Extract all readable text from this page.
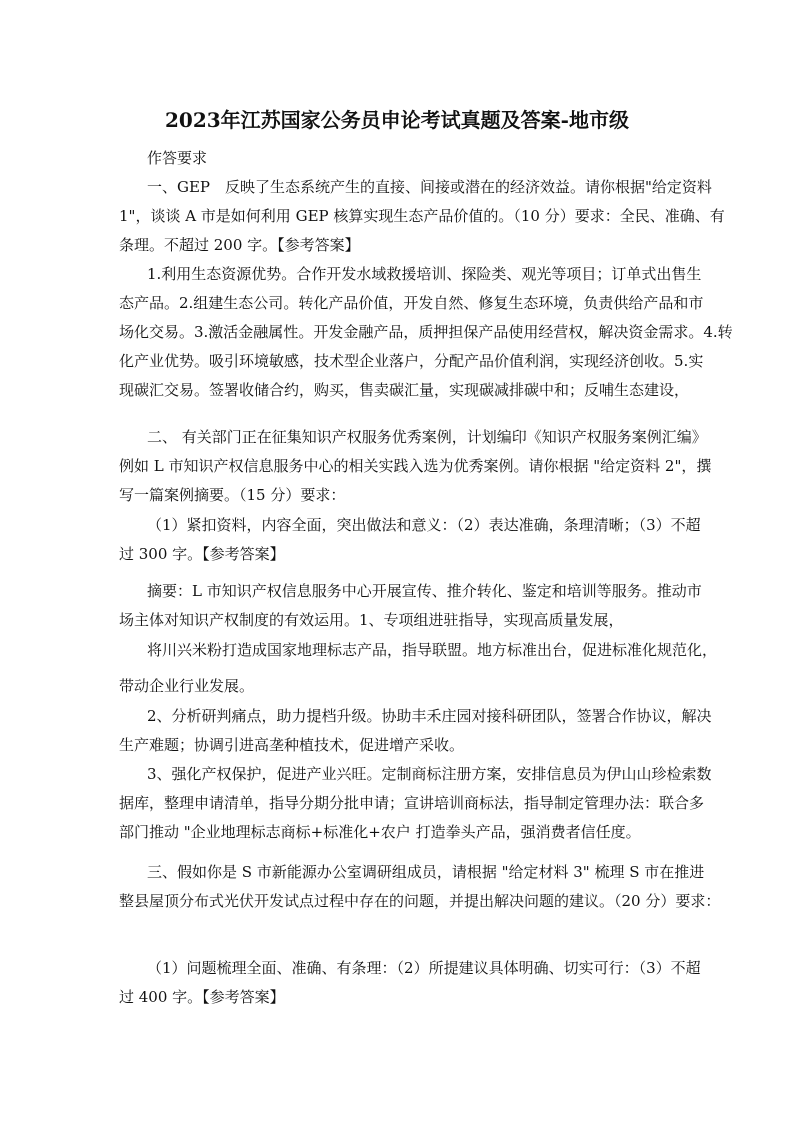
2023年江苏国家公务员申论考试真题及答案-地市级
作答要求
一、GEP　反映了生态系统产生的直接、间接或潜在的经济效益。请你根据"给定资料
1"，谈谈 A 市是如何利用 GEP 核算实现生态产品价值的。（10 分）要求：全民、准确、有
条理。不超过 200 字。【参考答案】
1.利用生态资源优势。合作开发水域救援培训、探险类、观光等项目；订单式出售生
态产品。2.组建生态公司。转化产品价值，开发自然、修复生态环境，负责供给产品和市
场化交易。3.激活金融属性。开发金融产品，质押担保产品使用经营权，解决资金需求。4.转
化产业优势。吸引环境敏感，技术型企业落户，分配产品价值利润，实现经济创收。5.实
现碳汇交易。签署收储合约，购买，售卖碳汇量，实现碳减排碳中和；反哺生态建设，
二、 有关部门正在征集知识产权服务优秀案例，计划编印《知识产权服务案例汇编》
例如 L 市知识产权信息服务中心的相关实践入选为优秀案例。请你根据 "给定资料 2"，撰
写一篇案例摘要。（15 分）要求：
（1）紧扣资料，内容全面，突出做法和意义：（2）表达准确，条理清晰；（3）不超
过 300 字。【参考答案】
摘要：L 市知识产权信息服务中心开展宣传、推介转化、鉴定和培训等服务。推动市
场主体对知识产权制度的有效运用。1、专项组进驻指导，实现高质量发展，
将川兴米粉打造成国家地理标志产品，指导联盟。地方标准出台，促进标准化规范化，
带动企业行业发展。
2、分析研判痛点，助力提档升级。协助丰禾庄园对接科研团队，签署合作协议，解决
生产难题；协调引进高垄种植技术，促进增产采收。
3、强化产权保护，促进产业兴旺。定制商标注册方案，安排信息员为伊山山珍检索数
据库，整理申请清单，指导分期分批申请；宣讲培训商标法，指导制定管理办法：联合多
部门推动 "企业地理标志商标+标准化+农户 打造拳头产品，强消费者信任度。
三、假如你是 S 市新能源办公室调研组成员，请根据 "给定材料 3" 梳理 S 市在推进
整县屋顶分布式光伏开发试点过程中存在的问题，并提出解决问题的建议。（20 分）要求：
（1）问题梳理全面、准确、有条理：（2）所提建议具体明确、切实可行：（3）不超
过 400 字。【参考答案】
